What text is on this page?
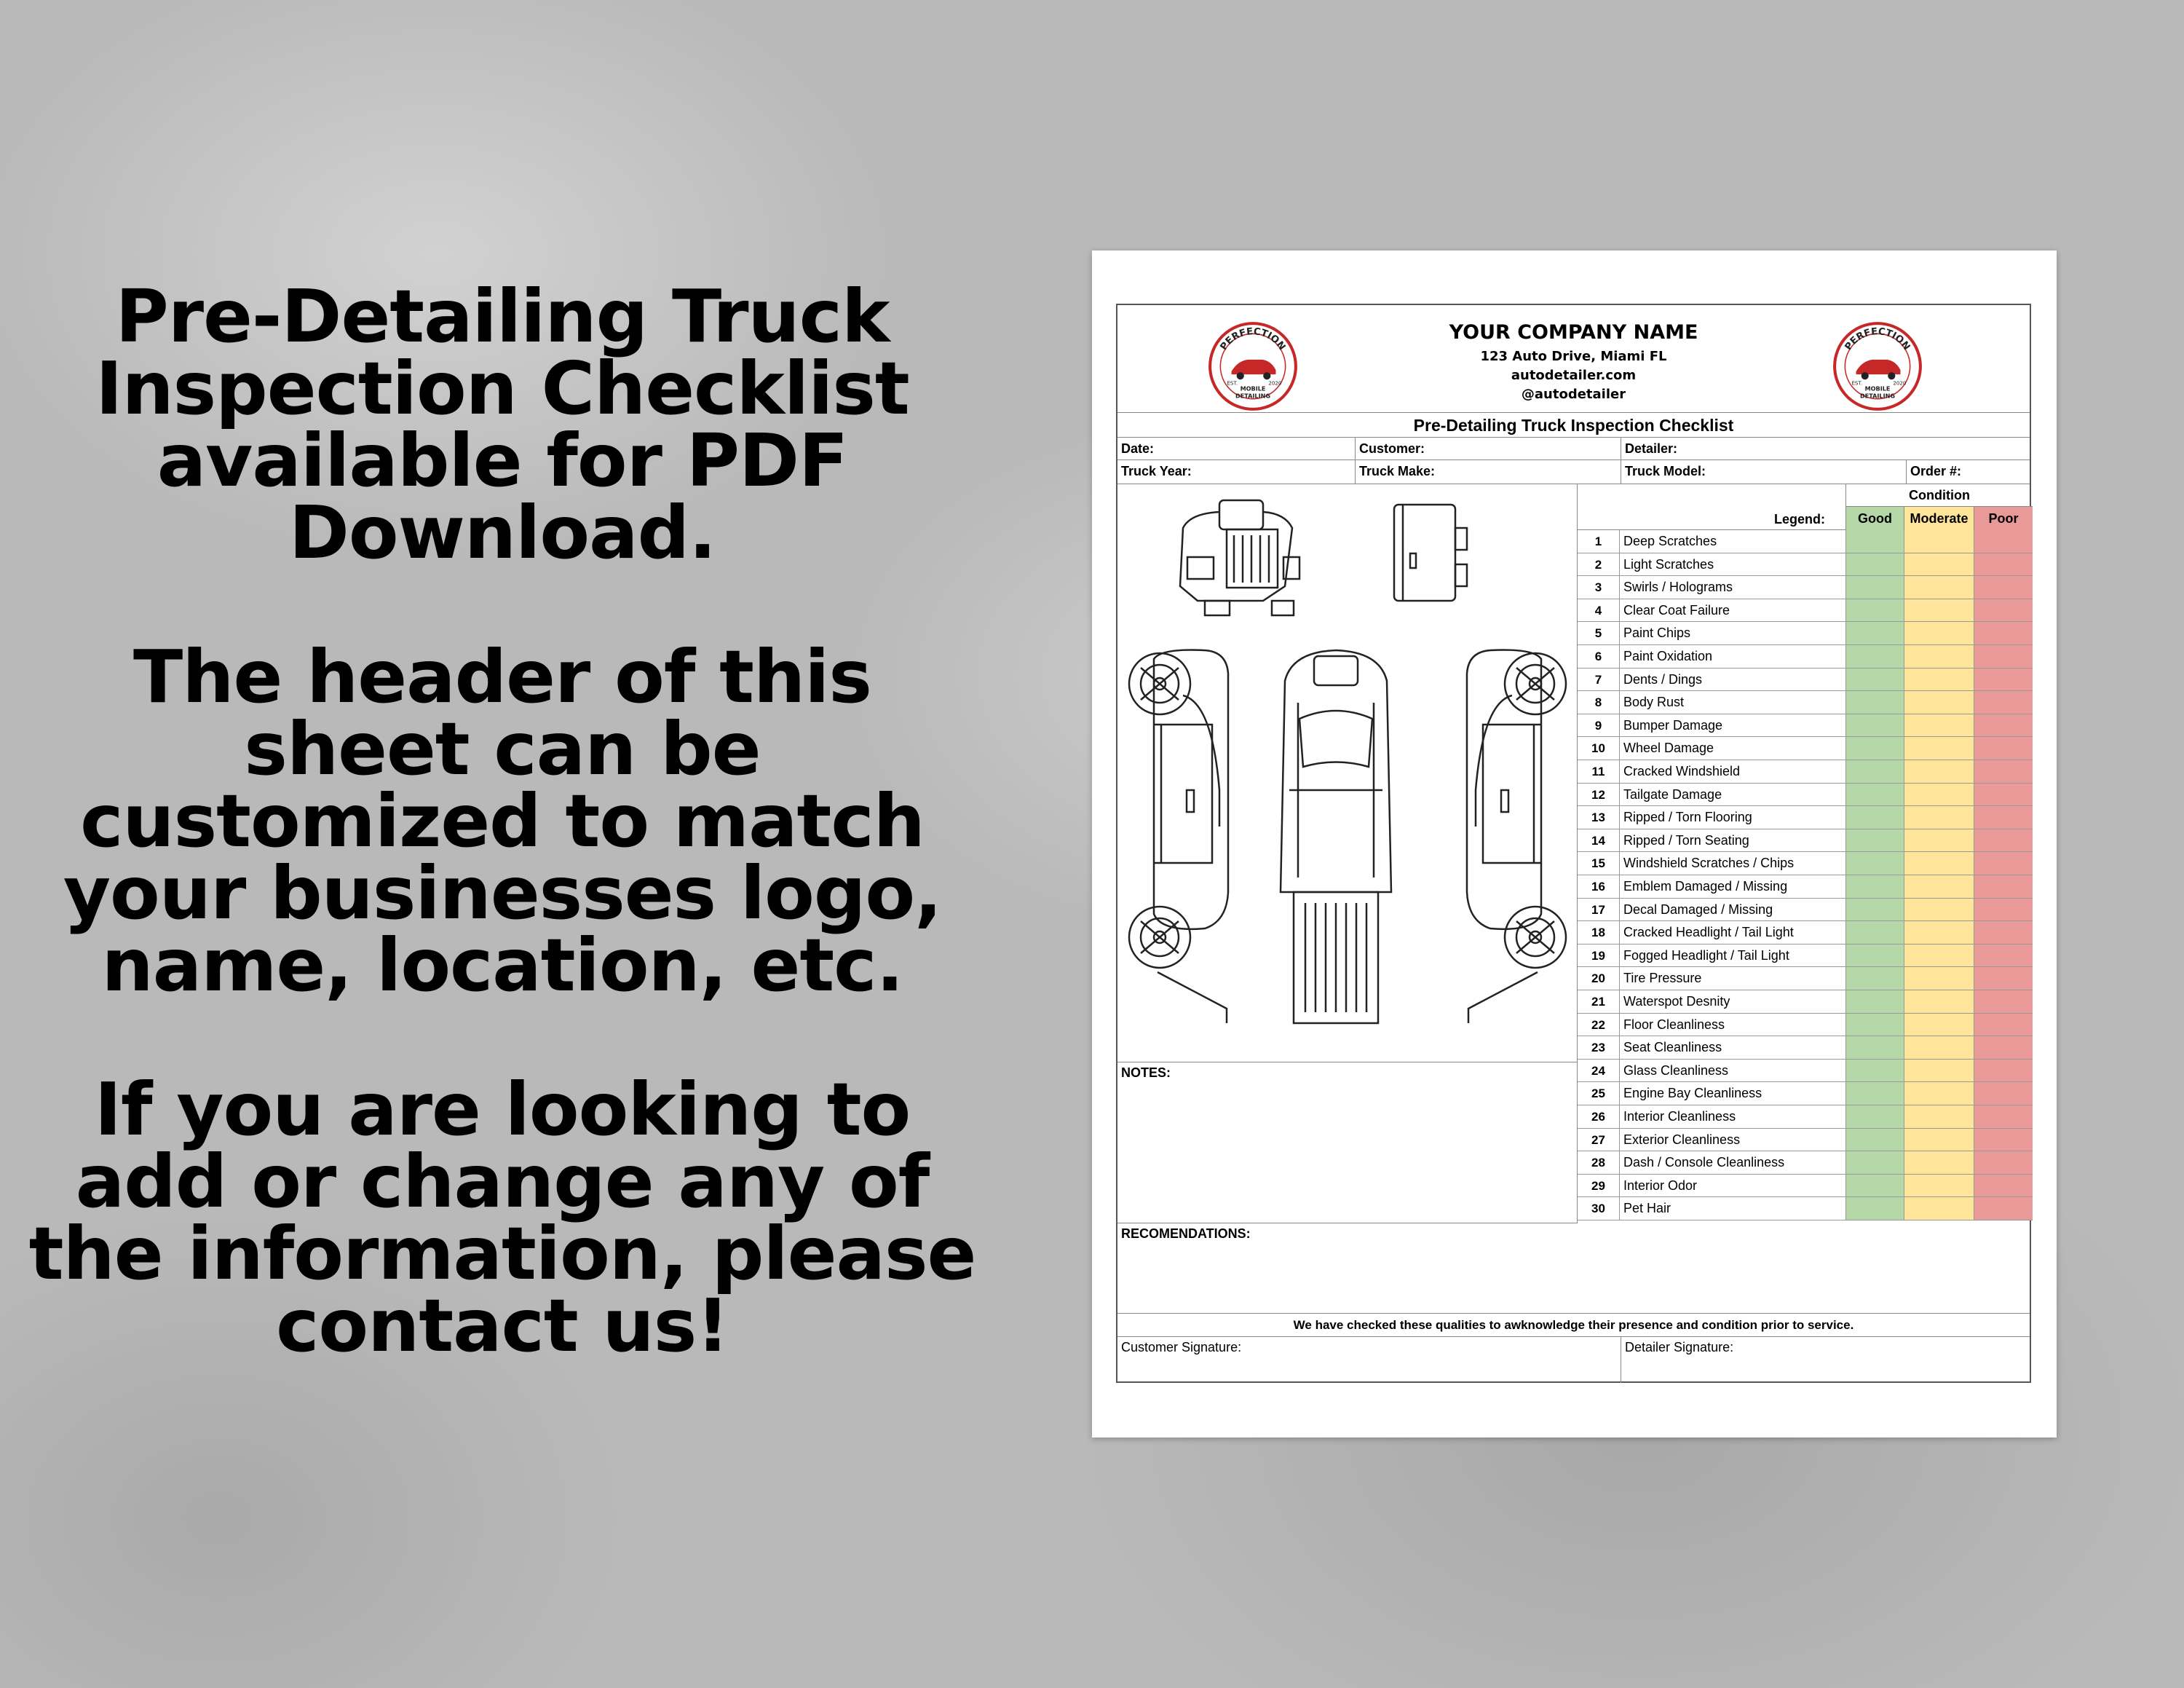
Pre-Detailing Truck Inspection Checklist available for PDF Download.

The header of this sheet can be customized to match your businesses logo, name, location, etc.

If you are looking to add or change any of the information, please contact us!

PERFECTION
EST.	2020
MOBILE
DETAILING
YOUR COMPANY NAME
123 Auto Drive, Miami FL
autodetailer.com
@autodetailer
PERFECTION
EST.	2020
MOBILE
DETAILING
Pre-Detailing Truck Inspection Checklist
Date:	Customer:	Detailer:
Truck Year:	Truck Make:	Truck Model:	Order #:
NOTES:
Condition
Legend:	Good	Moderate	Poor
1	Deep Scratches
2	Light Scratches
3	Swirls / Holograms
4	Clear Coat Failure
5	Paint Chips
6	Paint Oxidation
7	Dents / Dings
8	Body Rust
9	Bumper Damage
10	Wheel Damage
11	Cracked Windshield
12	Tailgate Damage
13	Ripped / Torn Flooring
14	Ripped / Torn Seating
15	Windshield Scratches / Chips
16	Emblem Damaged / Missing
17	Decal Damaged / Missing
18	Cracked Headlight / Tail Light
19	Fogged Headlight / Tail Light
20	Tire Pressure
21	Waterspot Desnity
22	Floor Cleanliness
23	Seat Cleanliness
24	Glass Cleanliness
25	Engine Bay Cleanliness
26	Interior Cleanliness
27	Exterior Cleanliness
28	Dash / Console Cleanliness
29	Interior Odor
30	Pet Hair
RECOMENDATIONS:
We have checked these qualities to awknowledge their presence and condition prior to service.
Customer Signature:	Detailer Signature:
